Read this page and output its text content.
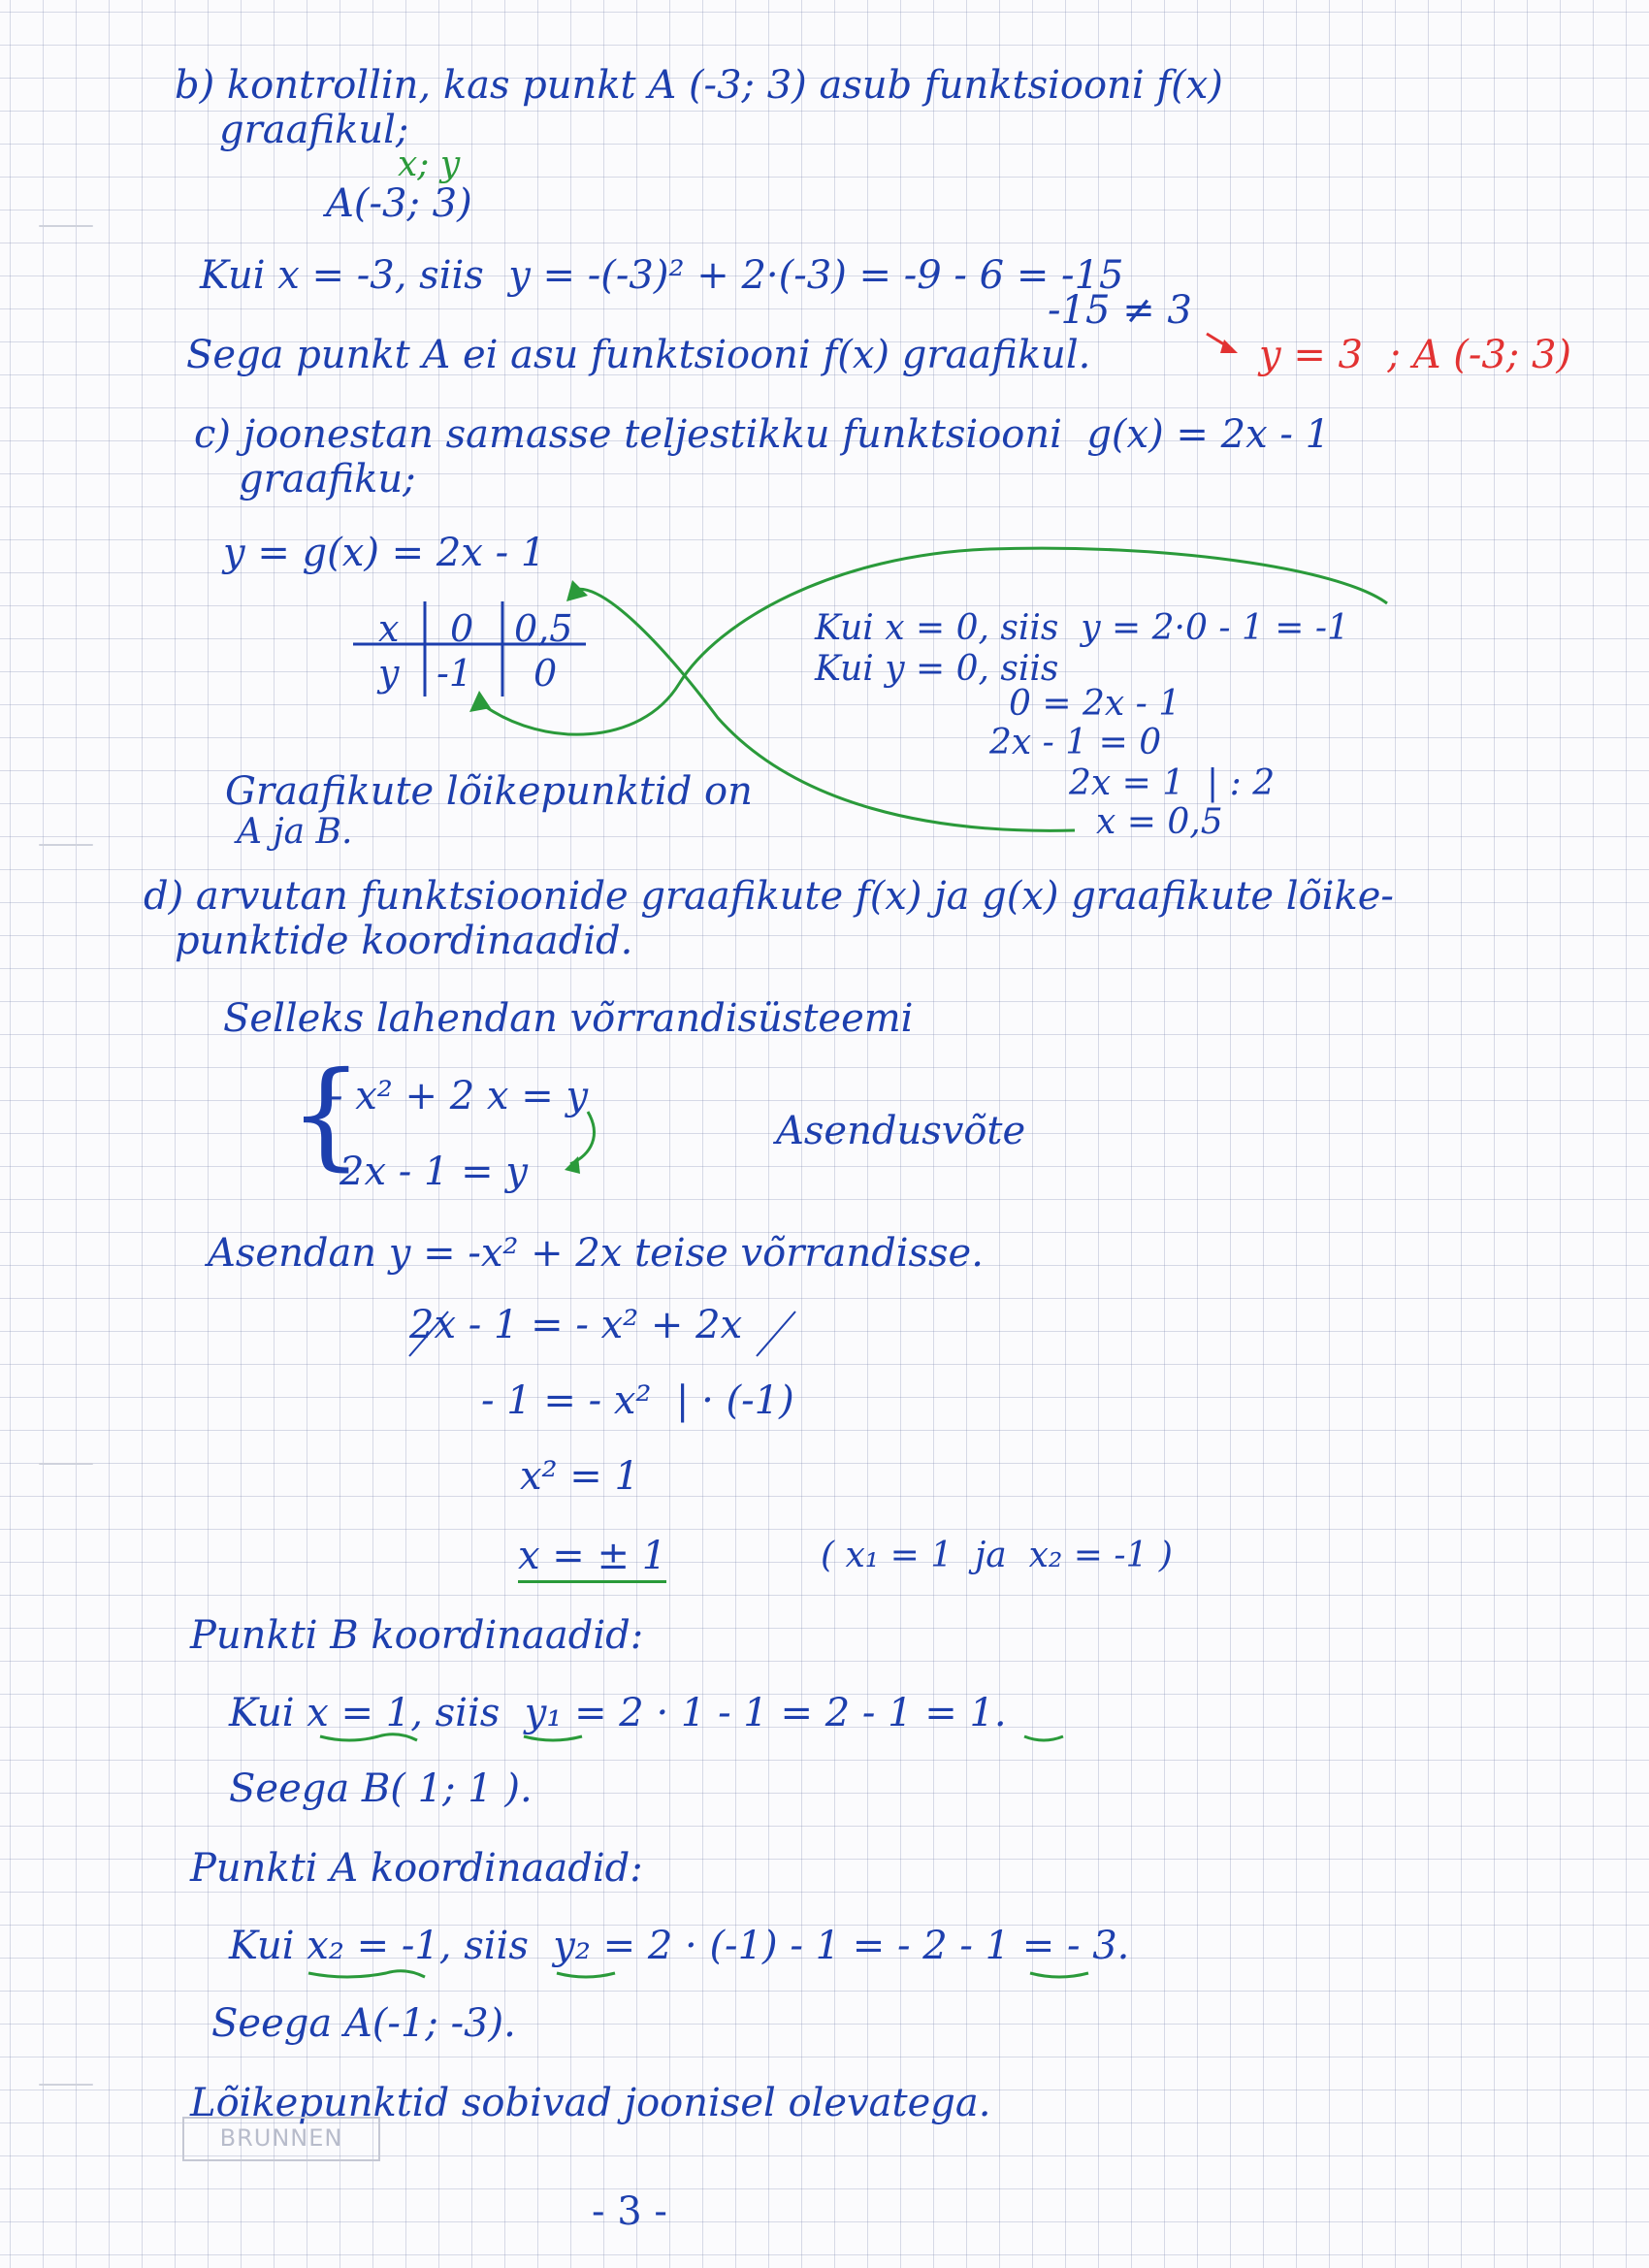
b) kontrollin, kas punkt A (-3; 3) asub funktsiooni f(x)
graafikul;
x; y
A(-3; 3)
Kui x = -3, siis  y = -(-3)² + 2·(-3) = -9 - 6 = -15
-15 ≠ 3
Sega punkt A ei asu funktsiooni f(x) graafikul.	y = 3  ; A (-3; 3)
c) joonestan samasse teljestikku funktsiooni  g(x) = 2x - 1
graafiku;
y = g(x) = 2x - 1
x 0 0,5
y -1 0
Kui x = 0, siis  y = 2·0 - 1 = -1
Kui y = 0, siis
0 = 2x - 1
2x - 1 = 0
2x = 1  | : 2
x = 0,5
Graafikute lõikepunktid on
A ja B.
d) arvutan funktsioonide graafikute f(x) ja g(x) graafikute lõike-
punktide koordinaadid.
Selleks lahendan võrrandisüsteemi
{
- x² + 2 x = y
2x - 1 = y
Asendusvõte
Asendan y = -x² + 2x teise võrrandisse.
2x - 1 = - x² + 2x
- 1 = - x²  | · (-1)
x² = 1
x = ± 1	( x₁ = 1  ja  x₂ = -1 )
Punkti B koordinaadid:
Kui x = 1, siis  y₁ = 2 · 1 - 1 = 2 - 1 = 1.
Seega B( 1; 1 ).
Punkti A koordinaadid:
Kui x₂ = -1, siis  y₂ = 2 · (-1) - 1 = - 2 - 1 = - 3.
Seega A(-1; -3).
Lõikepunktid sobivad joonisel olevatega.
BRUNNEN
- 3 -
